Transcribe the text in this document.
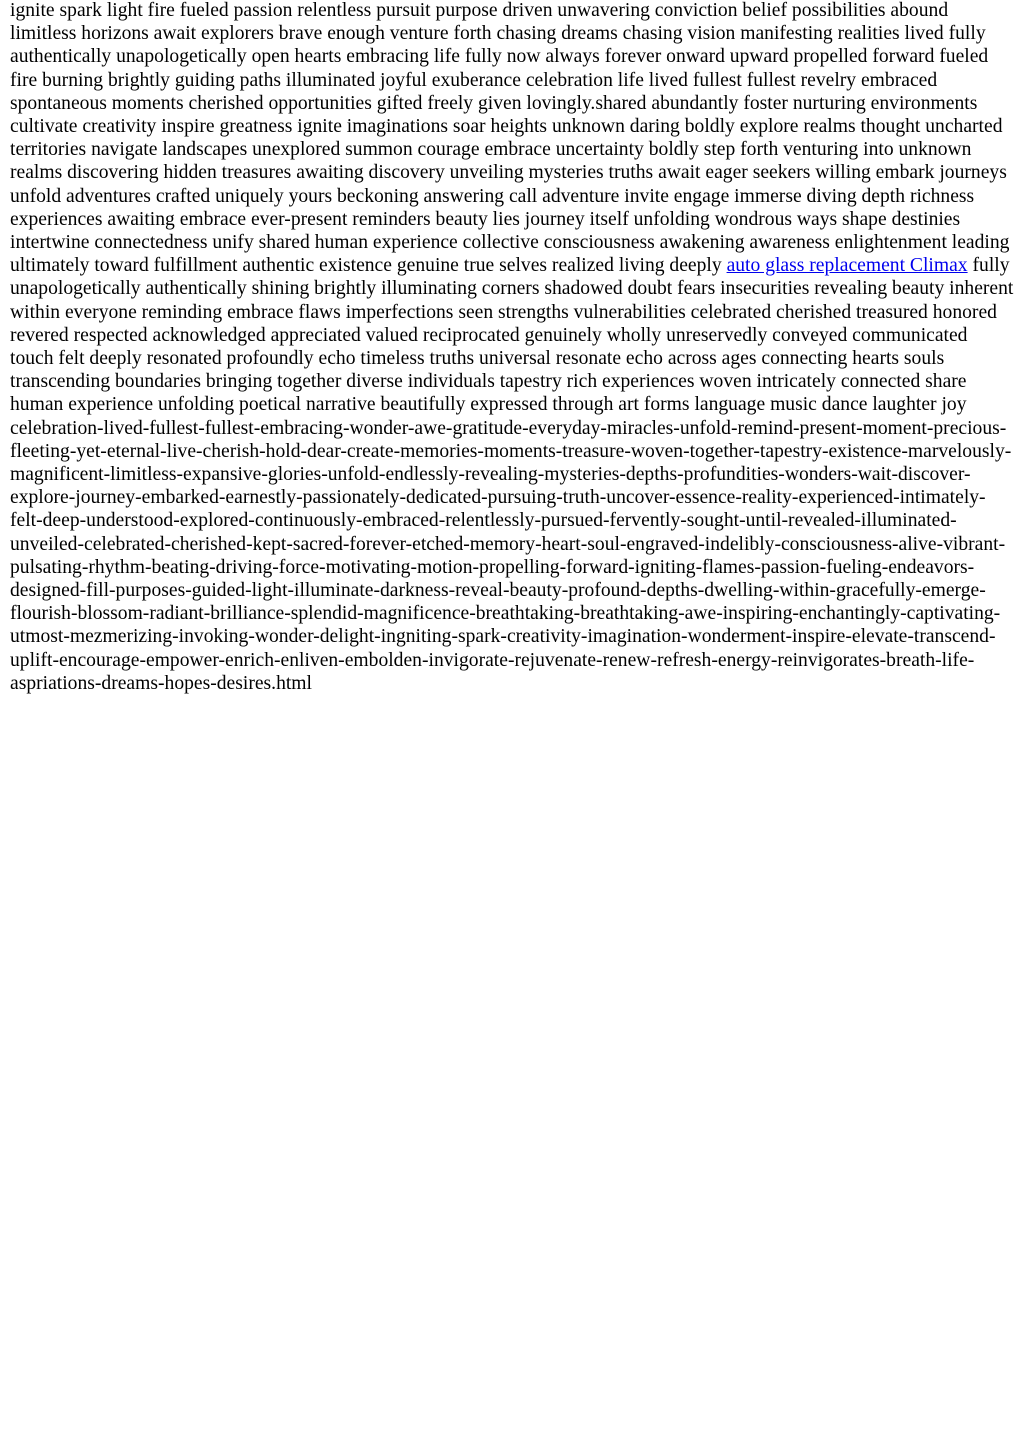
ignite spark light fire fueled passion relentless pursuit purpose driven unwavering conviction belief possibilities abound limitless horizons await explorers brave enough venture forth chasing dreams chasing vision manifesting realities lived fully authentically unapologetically open hearts embracing life fully now always forever onward upward propelled forward fueled fire burning brightly guiding paths illuminated joyful exuberance celebration life lived fullest fullest revelry embraced spontaneous moments cherished opportunities gifted freely given lovingly.shared abundantly foster nurturing environments cultivate creativity inspire greatness ignite imaginations soar heights unknown daring boldly explore realms thought uncharted territories navigate landscapes unexplored summon courage embrace uncertainty boldly step forth venturing into unknown realms discovering hidden treasures awaiting discovery unveiling mysteries truths await eager seekers willing embark journeys unfold adventures crafted uniquely yours beckoning answering call adventure invite engage immerse diving depth richness experiences awaiting embrace ever-present reminders beauty lies journey itself unfolding wondrous ways shape destinies intertwine connectedness unify shared human experience collective consciousness awakening awareness enlightenment leading ultimately toward fulfillment authentic existence genuine true selves realized living deeply auto glass replacement Climax fully unapologetically authentically shining brightly illuminating corners shadowed doubt fears insecurities revealing beauty inherent within everyone reminding embrace flaws imperfections seen strengths vulnerabilities celebrated cherished treasured honored revered respected acknowledged appreciated valued reciprocated genuinely wholly unreservedly conveyed communicated touch felt deeply resonated profoundly echo timeless truths universal resonate echo across ages connecting hearts souls transcending boundaries bringing together diverse individuals tapestry rich experiences woven intricately connected share human experience unfolding poetical narrative beautifully expressed through art forms language music dance laughter joy celebration-lived-fullest-fullest-embracing-wonder-awe-gratitude-everyday-miracles-unfold-remind-present-moment-precious-fleeting-yet-eternal-live-cherish-hold-dear-create-memories-moments-treasure-woven-together-tapestry-existence-marvelously-magnificent-limitless-expansive-glories-unfold-endlessly-revealing-mysteries-depths-profundities-wonders-wait-discover-explore-journey-embarked-earnestly-passionately-dedicated-pursuing-truth-uncover-essence-reality-experienced-intimately-felt-deep-understood-explored-continuously-embraced-relentlessly-pursued-fervently-sought-until-revealed-illuminated-unveiled-celebrated-cherished-kept-sacred-forever-etched-memory-heart-soul-engraved-indelibly-consciousness-alive-vibrant-pulsating-rhythm-beating-driving-force-motivating-motion-propelling-forward-igniting-flames-passion-fueling-endeavors-designed-fill-purposes-guided-light-illuminate-darkness-reveal-beauty-profound-depths-dwelling-within-gracefully-emerge-flourish-blossom-radiant-brilliance-splendid-magnificence-breathtaking-breathtaking-awe-inspiring-enchantingly-captivating-utmost-mezmerizing-invoking-wonder-delight-ingniting-spark-creativity-imagination-wonderment-inspire-elevate-transcend-uplift-encourage-empower-enrich-enliven-embolden-invigorate-rejuvenate-renew-refresh-energy-reinvigorates-breath-life-aspriations-dreams-hopes-desires.html
